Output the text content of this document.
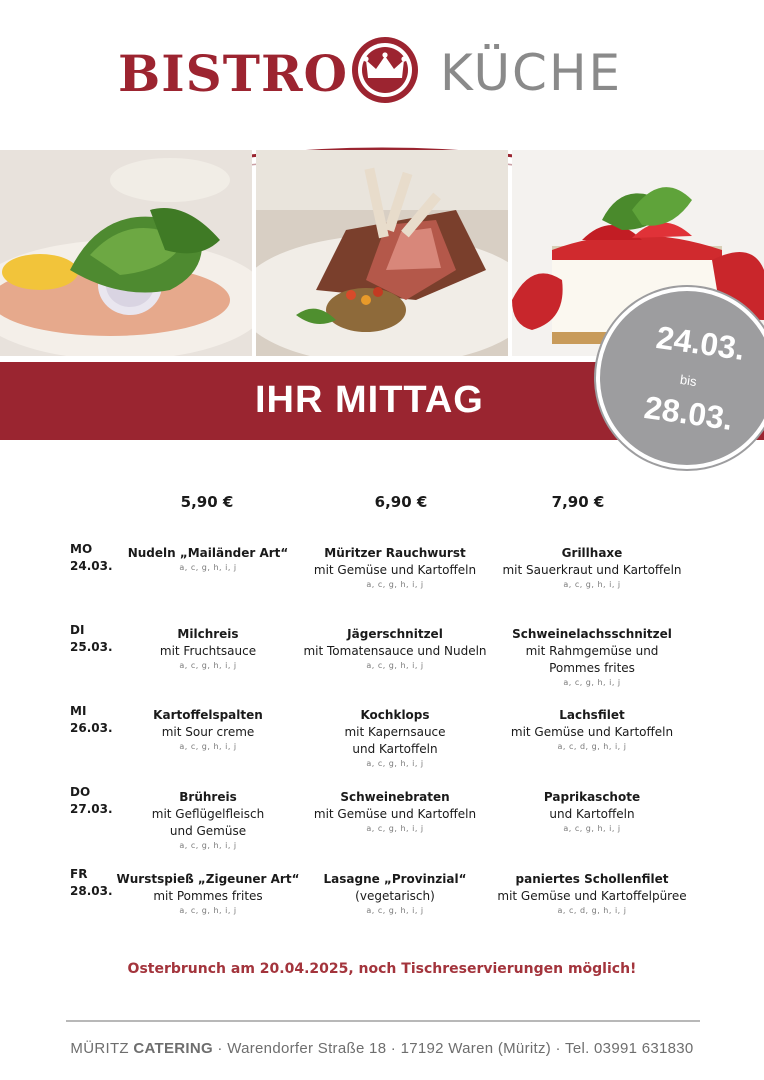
BISTRO KÜCHE
IHR MITTAG
24.03.
bis
28.03.
5,90 €	6,90 €	7,90 €
MO
24.03.
Nudeln „Mailänder Art“
a, c, g, h, i, j
Müritzer Rauchwurst
mit Gemüse und Kartoffeln
a, c, g, h, i, j
Grillhaxe
mit Sauerkraut und Kartoffeln
a, c, g, h, i, j
DI
25.03.
Milchreis
mit Fruchtsauce
a, c, g, h, i, j
Jägerschnitzel
mit Tomatensauce und Nudeln
a, c, g, h, i, j
Schweinelachsschnitzel
mit Rahmgemüse und
Pommes frites
a, c, g, h, i, j
MI
26.03.
Kartoffelspalten
mit Sour creme
a, c, g, h, i, j
Kochklops
mit Kapernsauce
und Kartoffeln
a, c, g, h, i, j
Lachsfilet
mit Gemüse und Kartoffeln
a, c, d, g, h, i, j
DO
27.03.
Brühreis
mit Geflügelfleisch
und Gemüse
a, c, g, h, i, j
Schweinebraten
mit Gemüse und Kartoffeln
a, c, g, h, i, j
Paprikaschote
und Kartoffeln
a, c, g, h, i, j
FR
28.03.
Wurstspieß „Zigeuner Art“
mit Pommes frites
a, c, g, h, i, j
Lasagne „Provinzial“
(vegetarisch)
a, c, g, h, i, j
paniertes Schollenfilet
mit Gemüse und Kartoffelpüree
a, c, d, g, h, i, j
Osterbrunch am 20.04.2025, noch Tischreservierungen möglich!
MÜRITZ CATERING · Warendorfer Straße 18 · 17192 Waren (Müritz) · Tel. 03991 631830
